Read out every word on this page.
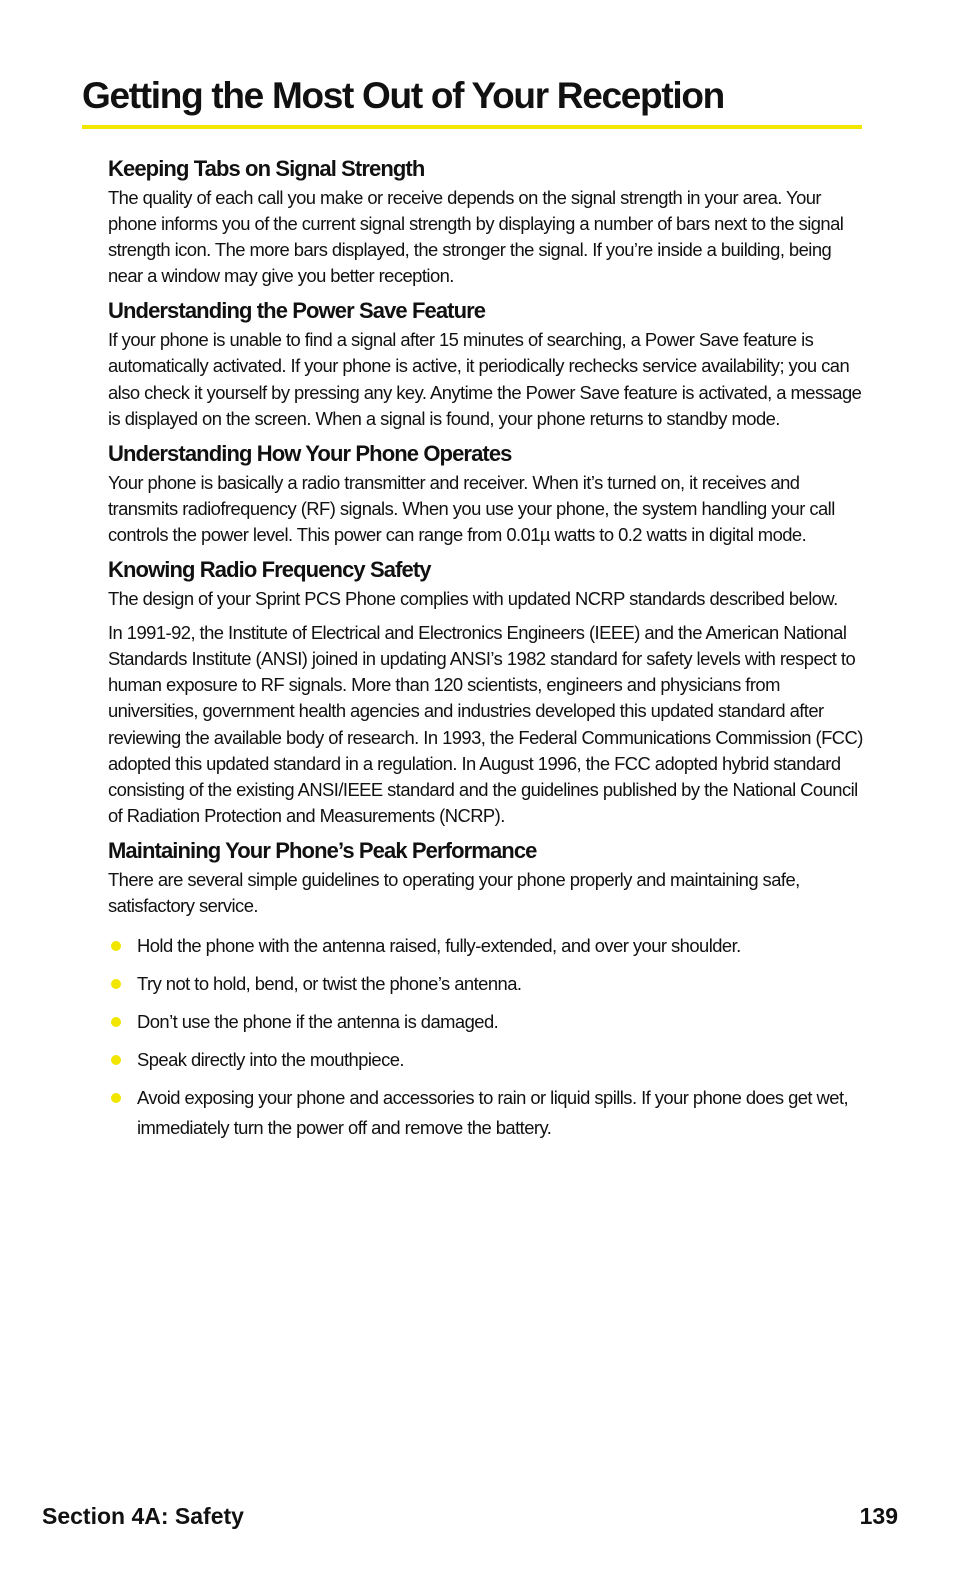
Getting the Most Out of Your Reception
Keeping Tabs on Signal Strength

The quality of each call you make or receive depends on the signal strength in your area. Your phone informs you of the current signal strength by displaying a number of bars next to the signal strength icon. The more bars displayed, the stronger the signal. If you’re inside a building, being near a window may give you better reception.

Understanding the Power Save Feature

If your phone is unable to find a signal after 15 minutes of searching, a Power Save feature is automatically activated. If your phone is active, it periodically rechecks service availability; you can also check it yourself by pressing any key. Anytime the Power Save feature is activated, a message is displayed on the screen. When a signal is found, your phone returns to standby mode.

Understanding How Your Phone Operates

Your phone is basically a radio transmitter and receiver. When it’s turned on, it receives and transmits radiofrequency (RF) signals. When you use your phone, the system handling your call controls the power level. This power can range from 0.01µ watts to 0.2 watts in digital mode.

Knowing Radio Frequency Safety

The design of your Sprint PCS Phone complies with updated NCRP standards described below.

In 1991-92, the Institute of Electrical and Electronics Engineers (IEEE) and the American National Standards Institute (ANSI) joined in updating ANSI’s 1982 standard for safety levels with respect to human exposure to RF signals. More than 120 scientists, engineers and physicians from universities, government health agencies and industries developed this updated standard after reviewing the available body of research. In 1993, the Federal Communications Commission (FCC) adopted this updated standard in a regulation. In August 1996, the FCC adopted hybrid standard consisting of the existing ANSI/IEEE standard and the guidelines published by the National Council of Radiation Protection and Measurements (NCRP).

Maintaining Your Phone’s Peak Performance

There are several simple guidelines to operating your phone properly and maintaining safe, satisfactory service.

Hold the phone with the antenna raised, fully-extended, and over your shoulder.
Try not to hold, bend, or twist the phone’s antenna.
Don’t use the phone if the antenna is damaged.
Speak directly into the mouthpiece.
Avoid exposing your phone and accessories to rain or liquid spills. If your phone does get wet, immediately turn the power off and remove the battery.
Section 4A: Safety	139
